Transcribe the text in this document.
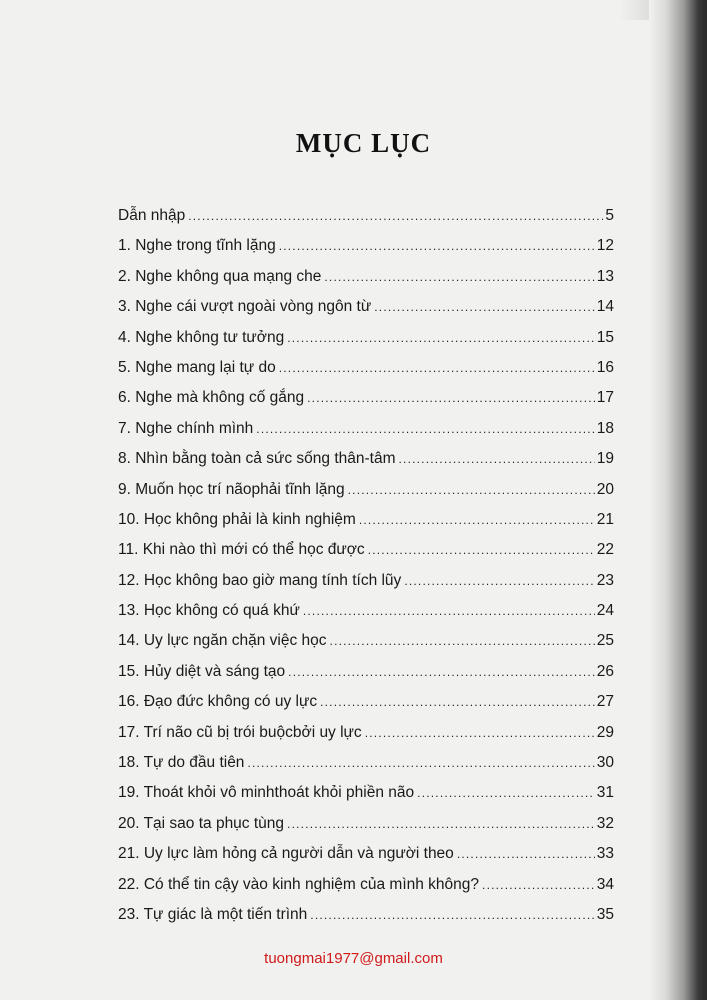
MỤC LỤC
Dẫn nhập .....	5
1. Nghe trong tĩnh lặng .....	12
2. Nghe không qua mạng che .....	13
3. Nghe cái vượt ngoài vòng ngôn từ .....	14
4. Nghe không tư tưởng .....	15
5. Nghe mang lại tự do .....	16
6. Nghe mà không cố gắng .....	17
7. Nghe chính mình .....	18
8. Nhìn bằng toàn cả sức sống thân-tâm .....	19
9. Muốn học trí nãophải tĩnh lặng .....	20
10. Học không phải là kinh nghiệm .....	21
11. Khi nào thì mới có thể học được .....	22
12. Học không bao giờ mang tính tích lũy .....	23
13. Học không có quá khứ .....	24
14. Uy lực ngăn chặn việc học .....	25
15. Hủy diệt và sáng tạo .....	26
16. Đạo đức không có uy lực .....	27
17. Trí não cũ bị trói buộcbởi uy lực .....	29
18. Tự do đầu tiên .....	30
19. Thoát khỏi vô minhthoát khỏi phiền não .....	31
20. Tại sao ta phục tùng .....	32
21. Uy lực làm hỏng cả người dẫn và người theo .....	33
22. Có thể tin cậy vào kinh nghiệm của mình không? .....	34
23. Tự giác là một tiến trình .....	35
tuongmai1977@gmail.com
